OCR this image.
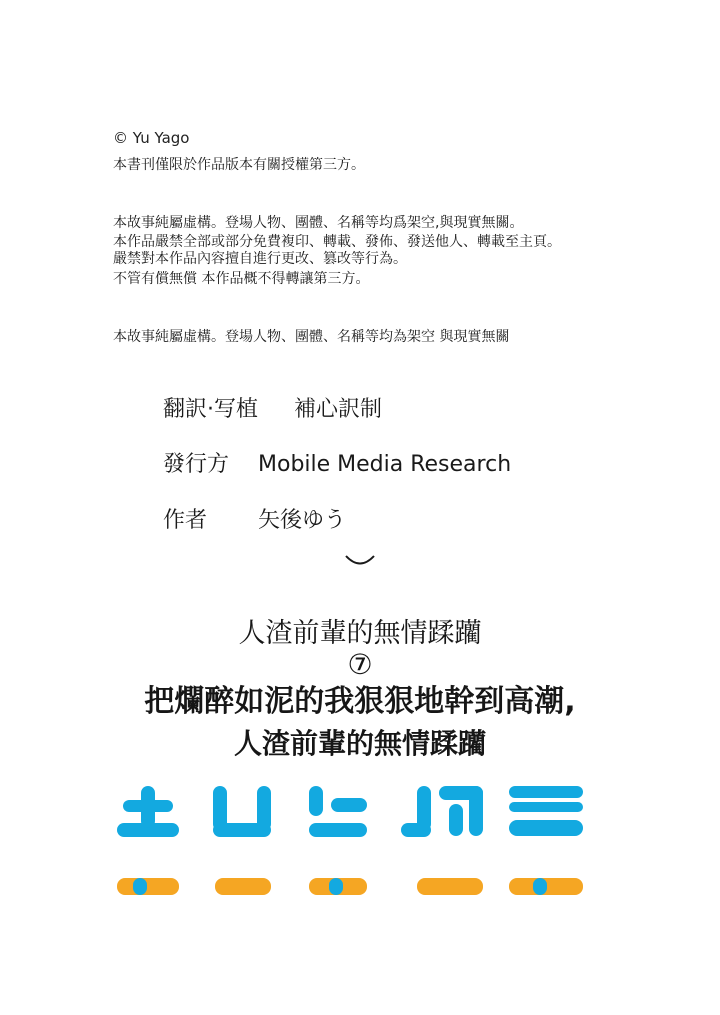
© Yu Yago
本書刊僅限於作品版本有關授權第三方。
本故事純屬虛構。登場人物、團體、名稱等均爲架空,與現實無關。
本作品嚴禁全部或部分免費複印、轉載、發佈、發送他人、轉載至主頁。
嚴禁對本作品內容擅自進行更改、篡改等行為。
不管有償無償 本作品概不得轉讓第三方。
本故事純屬虛構。登場人物、團體、名稱等均為架空 與現實無關
翻訳·写植 補心訳制
發行方 Mobile Media Research
作者 矢後ゆう
人渣前輩的無情蹂躪
⑦
把爛醉如泥的我狠狠地幹到高潮,
人渣前輩的無情蹂躪
